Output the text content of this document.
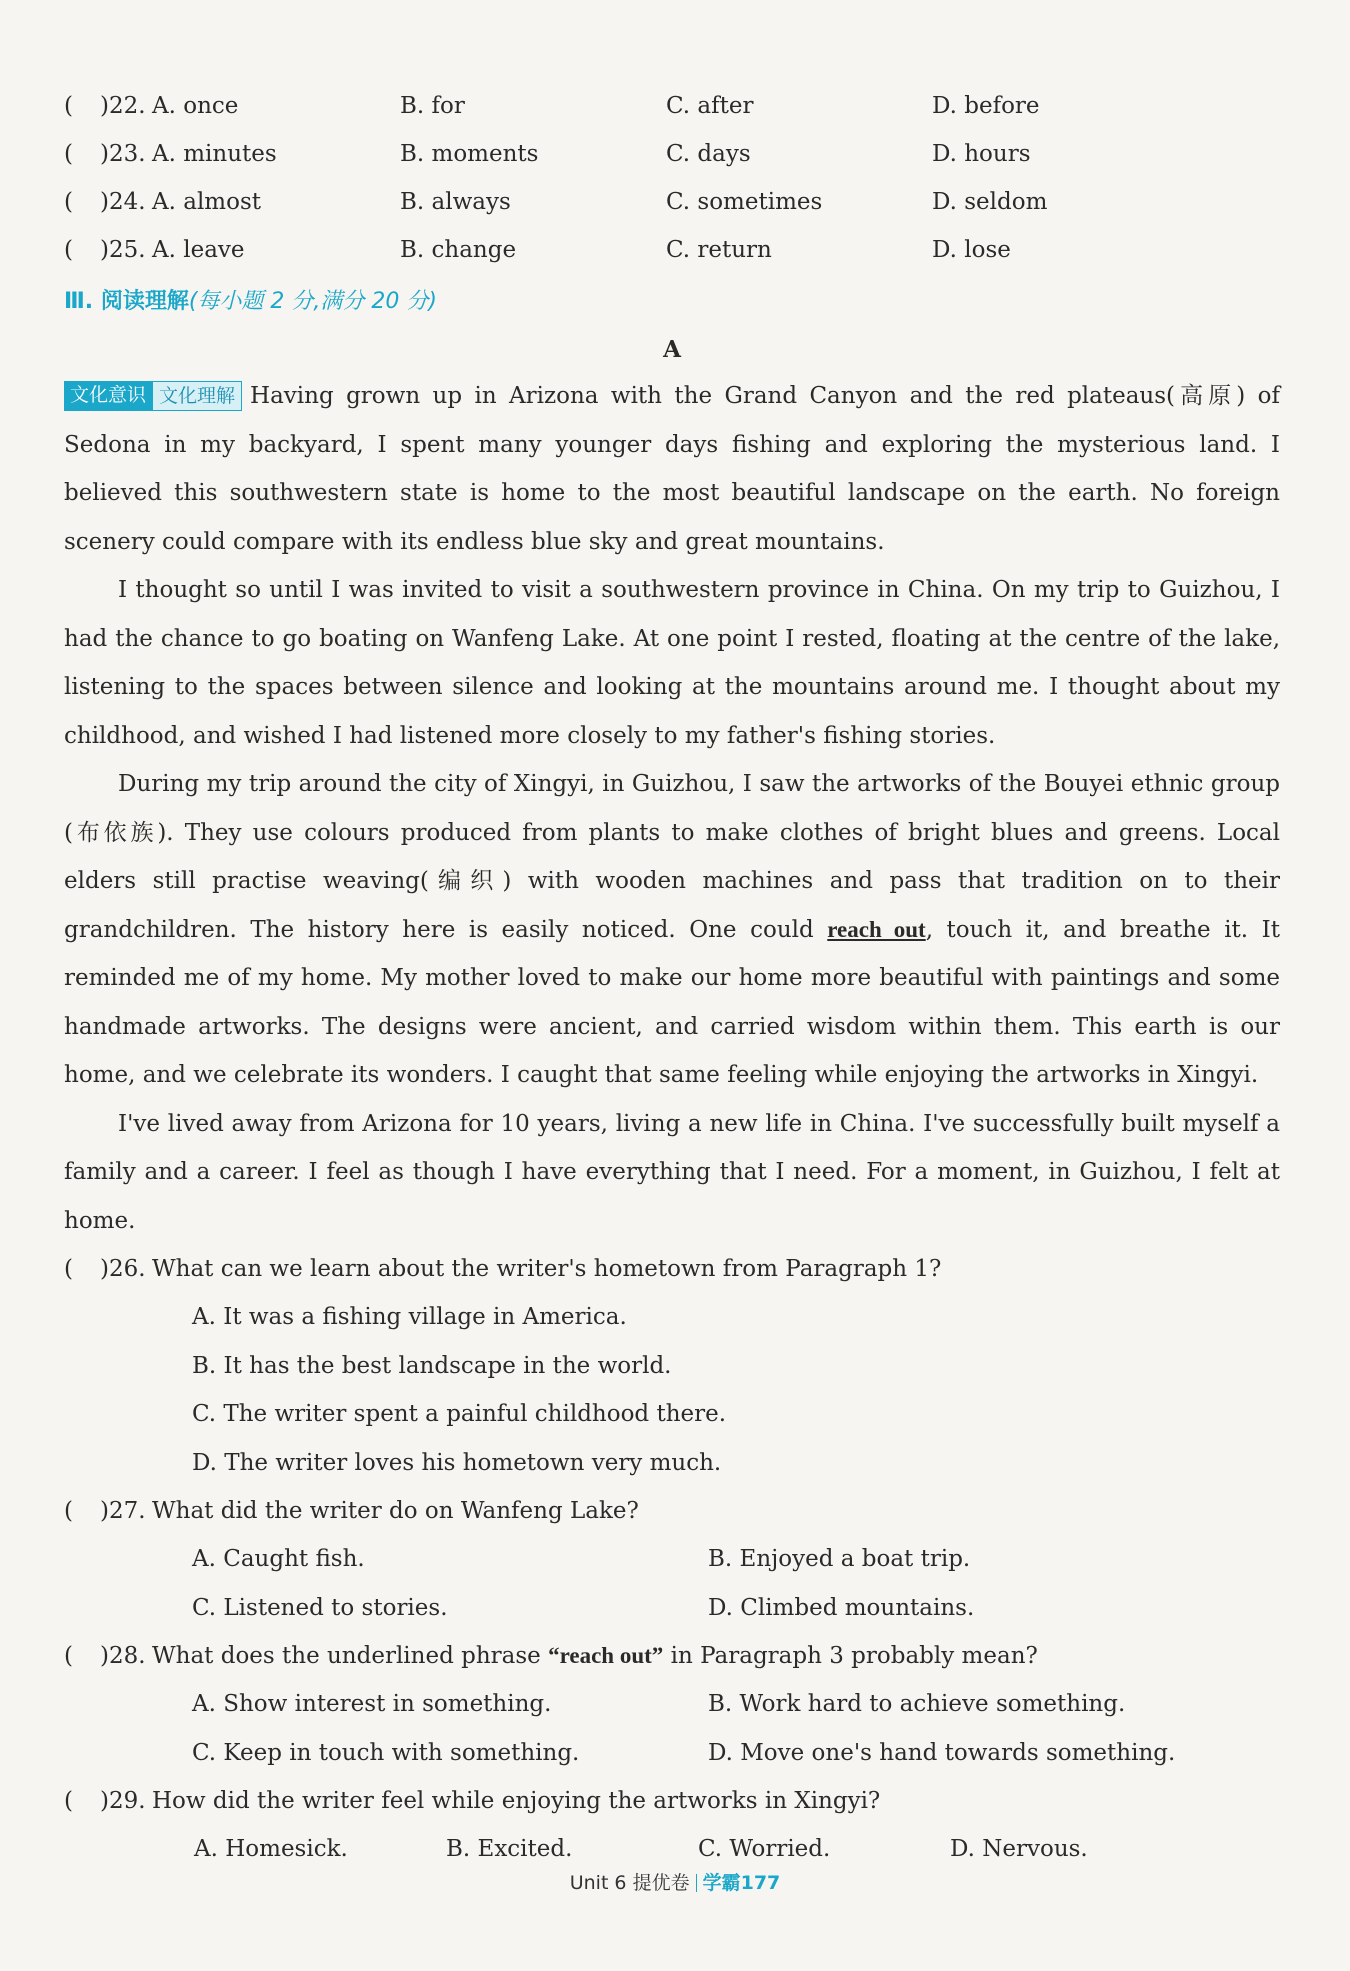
(	)22. A. once	B. for	C. after	D. before
(	)23. A. minutes	B. moments	C. days	D. hours
(	)24. A. almost	B. always	C. sometimes	D. seldom
(	)25. A. leave	B. change	C. return	D. lose
Ⅲ. 阅读理解(每小题 2 分,满分 20 分)
A

文化意识 文化理解 Having grown up in Arizona with the Grand Canyon and the red plateaus(高原) of Sedona in my backyard, I spent many younger days fishing and exploring the mysterious land. I believed this southwestern state is home to the most beautiful landscape on the earth. No foreign scenery could compare with its endless blue sky and great mountains.

I thought so until I was invited to visit a southwestern province in China. On my trip to Guizhou, I had the chance to go boating on Wanfeng Lake. At one point I rested, floating at the centre of the lake, listening to the spaces between silence and looking at the mountains around me. I thought about my childhood, and wished I had listened more closely to my father's fishing stories.

During my trip around the city of Xingyi, in Guizhou, I saw the artworks of the Bouyei ethnic group (布依族). They use colours produced from plants to make clothes of bright blues and greens. Local elders still practise weaving(编织) with wooden machines and pass that tradition on to their grandchildren. The history here is easily noticed. One could reach out, touch it, and breathe it. It reminded me of my home. My mother loved to make our home more beautiful with paintings and some handmade artworks. The designs were ancient, and carried wisdom within them. This earth is our home, and we celebrate its wonders. I caught that same feeling while enjoying the artworks in Xingyi.

I've lived away from Arizona for 10 years, living a new life in China. I've successfully built myself a family and a career. I feel as though I have everything that I need. For a moment, in Guizhou, I felt at home.

(	)26. What can we learn about the writer's hometown from Paragraph 1?
A. It was a fishing village in America.
B. It has the best landscape in the world.
C. The writer spent a painful childhood there.
D. The writer loves his hometown very much.
(	)27. What did the writer do on Wanfeng Lake?
A. Caught fish.	B. Enjoyed a boat trip.
C. Listened to stories.	D. Climbed mountains.
(	)28. What does the underlined phrase “reach out” in Paragraph 3 probably mean?
A. Show interest in something.	B. Work hard to achieve something.
C. Keep in touch with something.	D. Move one's hand towards something.
(	)29. How did the writer feel while enjoying the artworks in Xingyi?
A. Homesick.	B. Excited.	C. Worried.	D. Nervous.
Unit 6 提优卷 学霸177
